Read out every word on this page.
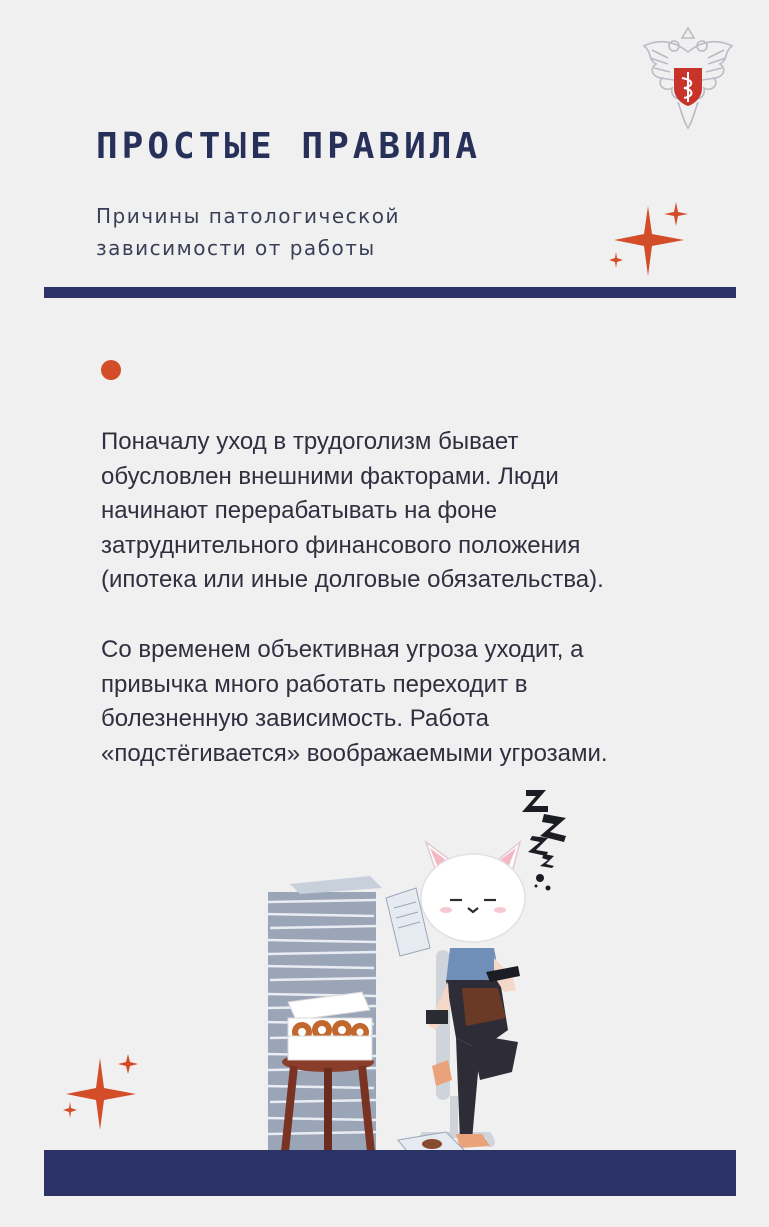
ПРОСТЫЕ ПРАВИЛА

Причины патологической
зависимости от работы

Поначалу уход в трудоголизм бывает
обусловлен внешними факторами. Люди
начинают перерабатывать на фоне
затруднительного финансового положения
(ипотека или иные долговые обязательства).

Со временем объективная угроза уходит, а
привычка много работать переходит в
болезненную зависимость. Работа
«подстёгивается» воображаемыми угрозами.
